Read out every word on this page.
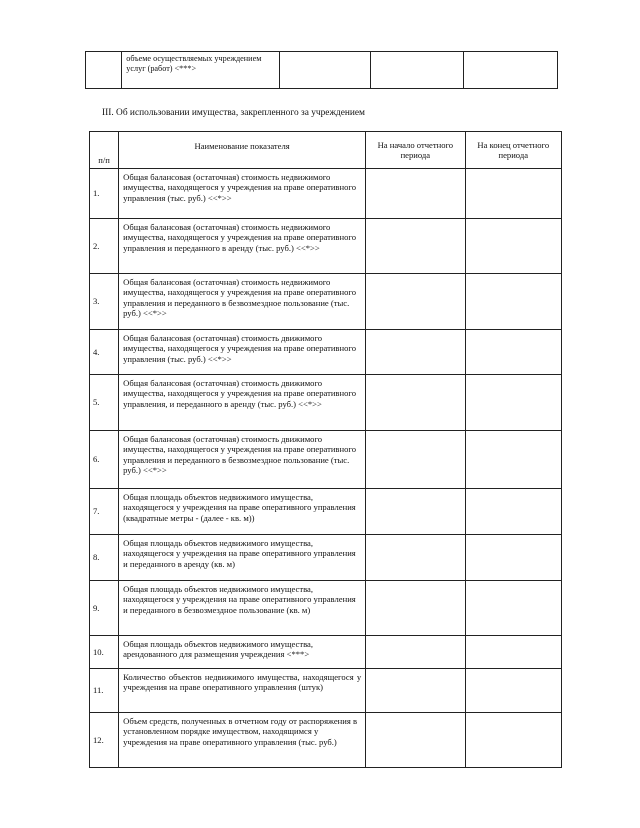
	объеме осуществляемых учреждением услуг (работ) <***>			
III. Об использовании имущества, закрепленного за учреждением
п/п	Наименование показателя	На начало отчетного периода	На конец отчетного периода
1.	Общая балансовая (остаточная) стоимость недвижимого имущества, находящегося у учреждения на праве оперативного управления (тыс. руб.) <<*>>		
2.	Общая балансовая (остаточная) стоимость недвижимого имущества, находящегося у учреждения на праве оперативного управления и переданного в аренду (тыс. руб.) <<*>>		
3.	Общая балансовая (остаточная) стоимость недвижимого имущества, находящегося у учреждения на праве оперативного управления и переданного в безвозмездное пользование (тыс. руб.) <<*>>		
4.	Общая балансовая (остаточная) стоимость движимого имущества, находящегося у учреждения на праве оперативного управления (тыс. руб.) <<*>>		
5.	Общая балансовая (остаточная) стоимость движимого имущества, находящегося у учреждения на праве оперативного управления, и переданного в аренду (тыс. руб.) <<*>>		
6.	Общая балансовая (остаточная) стоимость движимого имущества, находящегося у учреждения на праве оперативного управления и переданного в безвозмездное пользование (тыс. руб.) <<*>>		
7.	Общая площадь объектов недвижимого имущества, находящегося у учреждения на праве оперативного управления (квадратные метры - (далее - кв. м))		
8.	Общая площадь объектов недвижимого имущества, находящегося у учреждения на праве оперативного управления и переданного в аренду (кв. м)		
9.	Общая площадь объектов недвижимого имущества, находящегося у учреждения на праве оперативного управления и переданного в безвозмездное пользование (кв. м)		
10.	Общая площадь объектов недвижимого имущества, арендованного для размещения учреждения <***>		
11.	Количество объектов недвижимого имущества, находящегося у учреждения на праве оперативного управления (штук)		
12.	Объем средств, полученных в отчетном году от распоряжения в установленном порядке имуществом, находящимся у учреждения на праве оперативного управления (тыс. руб.)		
